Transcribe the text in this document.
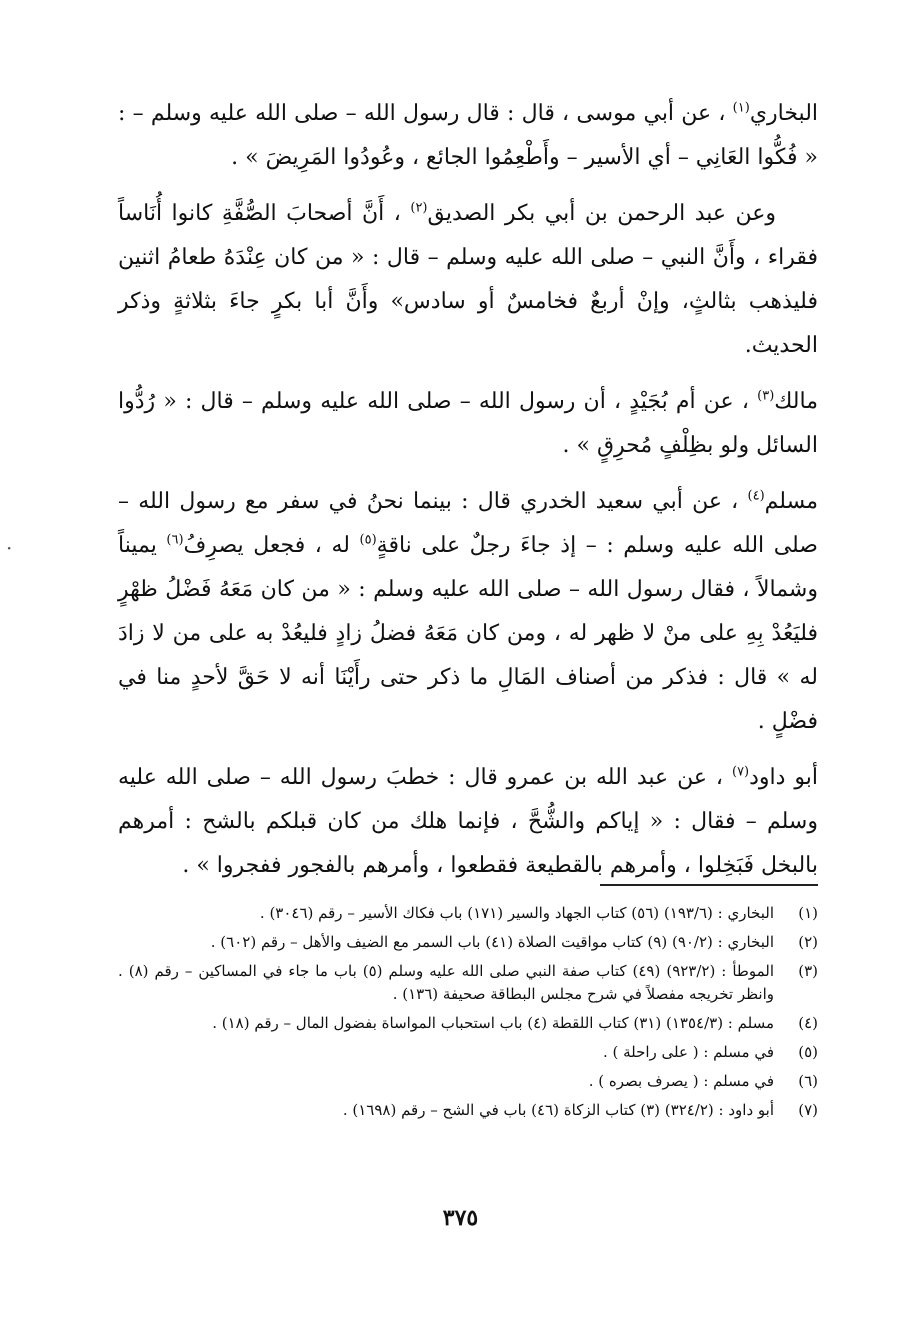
البخاري$^{(١)}$ ، عن أبي موسى ، قال : قال رسول الله – صلى الله عليه وسلم – : « فُكُّوا العَانِي – أي الأسير – وأَطْعِمُوا الجائع ، وعُودُوا المَرِيضَ » .

وعن عبد الرحمن بن أبي بكر الصديق$^{(٢)}$ ، أَنَّ أصحابَ الصُّفَّةِ كانوا أُنَاساً فقراء ، وأَنَّ النبي – صلى الله عليه وسلم – قال : « من كان عِنْدَهُ طعامُ اثنين فليذهب بثالثٍ، وإنْ أربعٌ فخامسٌ أو سادس» وأَنَّ أبا بكرٍ جاءَ بثلاثةٍ وذكر الحديث.

مالك$^{(٣)}$ ، عن أم بُجَيْدٍ ، أن رسول الله – صلى الله عليه وسلم – قال : « رُدُّوا السائل ولو بظِلْفٍ مُحرِقٍ » .

مسلم$^{(٤)}$ ، عن أبي سعيد الخدري قال : بينما نحنُ في سفر مع رسول الله – صلى الله عليه وسلم : – إذ جاءَ رجلٌ على ناقةٍ$^{(٥)}$ له ، فجعل يصرِفُ$^{(٦)}$ يميناً وشمالاً ، فقال رسول الله – صلى الله عليه وسلم : « من كان مَعَهُ فَضْلُ ظهْرٍ فليَعُدْ بِهِ على منْ لا ظهر له ، ومن كان مَعَهُ فضلُ زادٍ فليعُدْ به على من لا زادَ له » قال : فذكر من أصناف المَالِ ما ذكر حتى رأَيْنَا أنه لا حَقَّ لأحدٍ منا في فضْلٍ .

أبو داود$^{(٧)}$ ، عن عبد الله بن عمرو قال : خطبَ رسول الله – صلى الله عليه وسلم – فقال : « إياكم والشُّحَّ ، فإنما هلك من كان قبلكم بالشح : أمرهم بالبخل فَبَخِلوا ، وأمرهم بالقطيعة فقطعوا ، وأمرهم بالفجور ففجروا » .

(١)
البخاري : (١٩٣/٦) (٥٦) كتاب الجهاد والسير (١٧١) باب فكاك الأسير – رقم (٣٠٤٦) .
(٢)
البخاري : (٩٠/٢) (٩) كتاب مواقيت الصلاة (٤١) باب السمر مع الضيف والأهل – رقم (٦٠٢) .
(٣)
الموطأ : (٩٢٣/٢) (٤٩) كتاب صفة النبي صلى الله عليه وسلم (٥) باب ما جاء في المساكين – رقم (٨) . وانظر تخريجه مفصلاً في شرح مجلس البطاقة صحيفة (١٣٦) .
(٤)
مسلم : (١٣٥٤/٣) (٣١) كتاب اللقطة (٤) باب استحباب المواساة بفضول المال – رقم (١٨) .
(٥)
في مسلم : ( على راحلة ) .
(٦)
في مسلم : ( يصرف بصره ) .
(٧)
أبو داود : (٣٢٤/٢) (٣) كتاب الزكاة (٤٦) باب في الشح – رقم (١٦٩٨) .
٣٧٥
·
